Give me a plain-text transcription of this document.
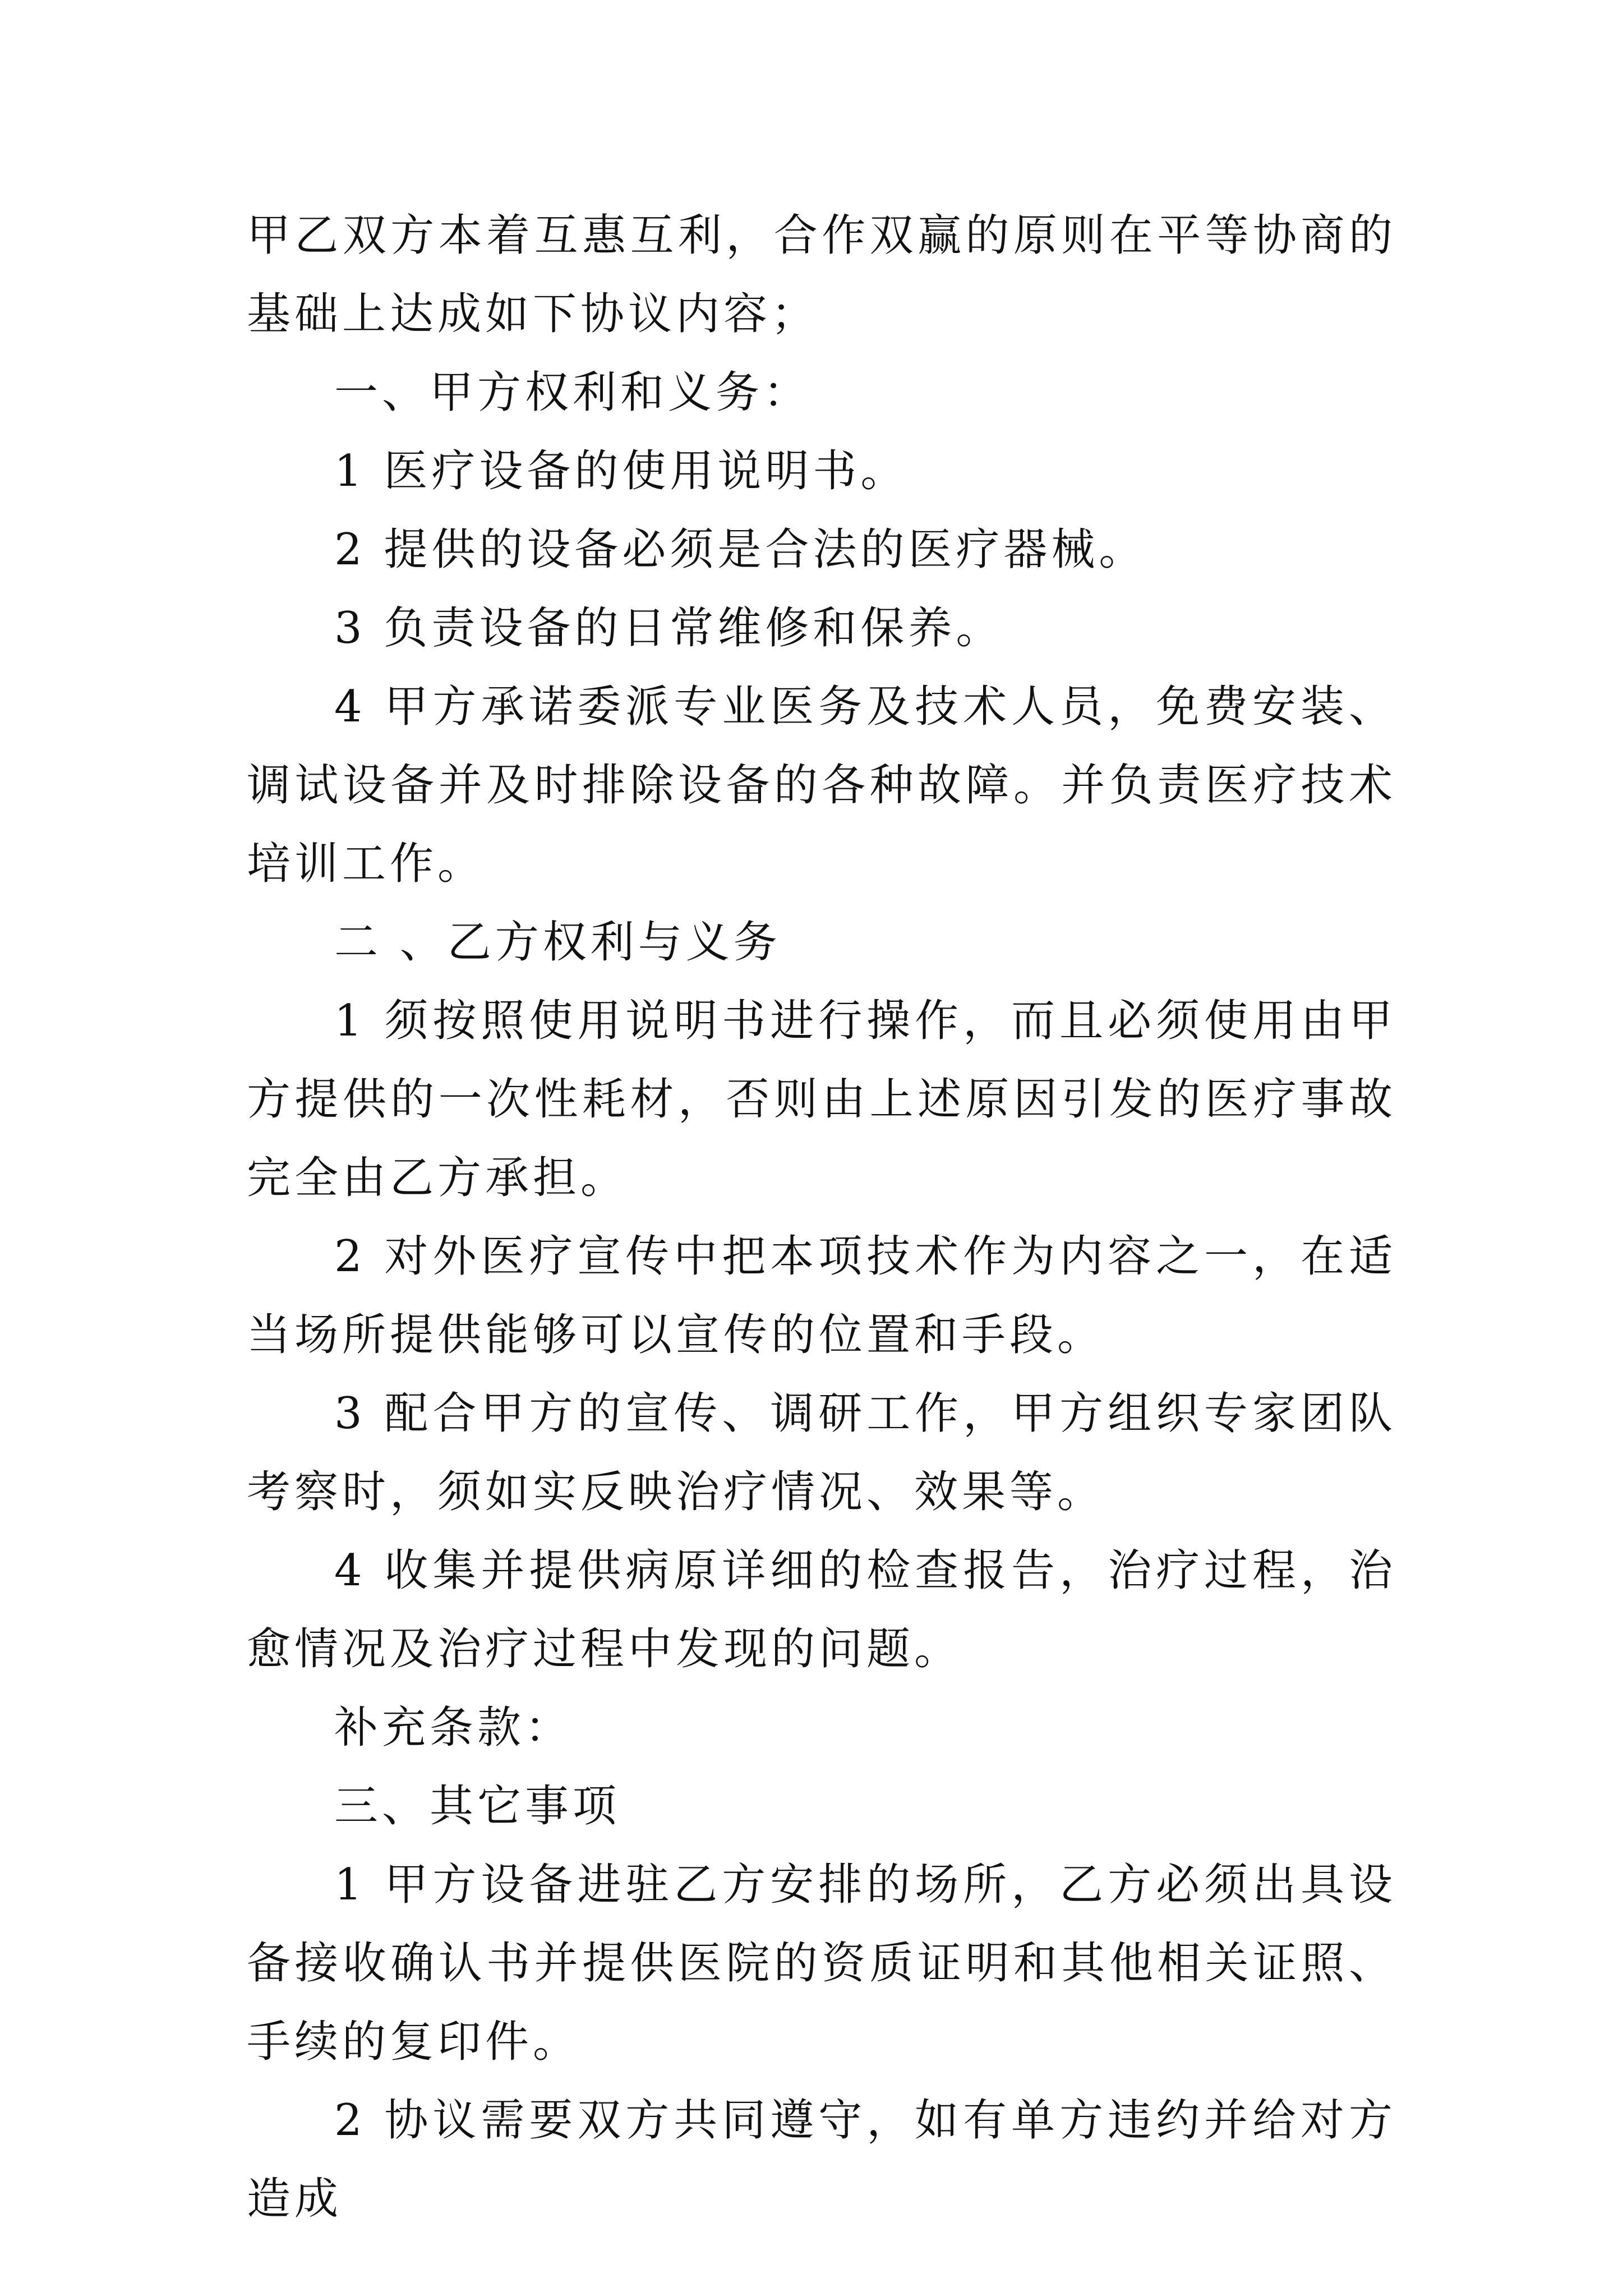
甲乙双方本着互惠互利，合作双赢的原则在平等协商的基础上达成如下协议内容；

一、甲方权利和义务：

1 医疗设备的使用说明书。

2 提供的设备必须是合法的医疗器械。

3 负责设备的日常维修和保养。

4 甲方承诺委派专业医务及技术人员，免费安装、调试设备并及时排除设备的各种故障。并负责医疗技术培训工作。

二 、乙方权利与义务

1 须按照使用说明书进行操作，而且必须使用由甲方提供的一次性耗材，否则由上述原因引发的医疗事故完全由乙方承担。

2 对外医疗宣传中把本项技术作为内容之一，在适当场所提供能够可以宣传的位置和手段。

3 配合甲方的宣传、调研工作，甲方组织专家团队考察时，须如实反映治疗情况、效果等。

4 收集并提供病原详细的检查报告，治疗过程，治愈情况及治疗过程中发现的问题。

补充条款：

三、其它事项

1 甲方设备进驻乙方安排的场所，乙方必须出具设备接收确认书并提供医院的资质证明和其他相关证照、手续的复印件。

2 协议需要双方共同遵守，如有单方违约并给对方造成
